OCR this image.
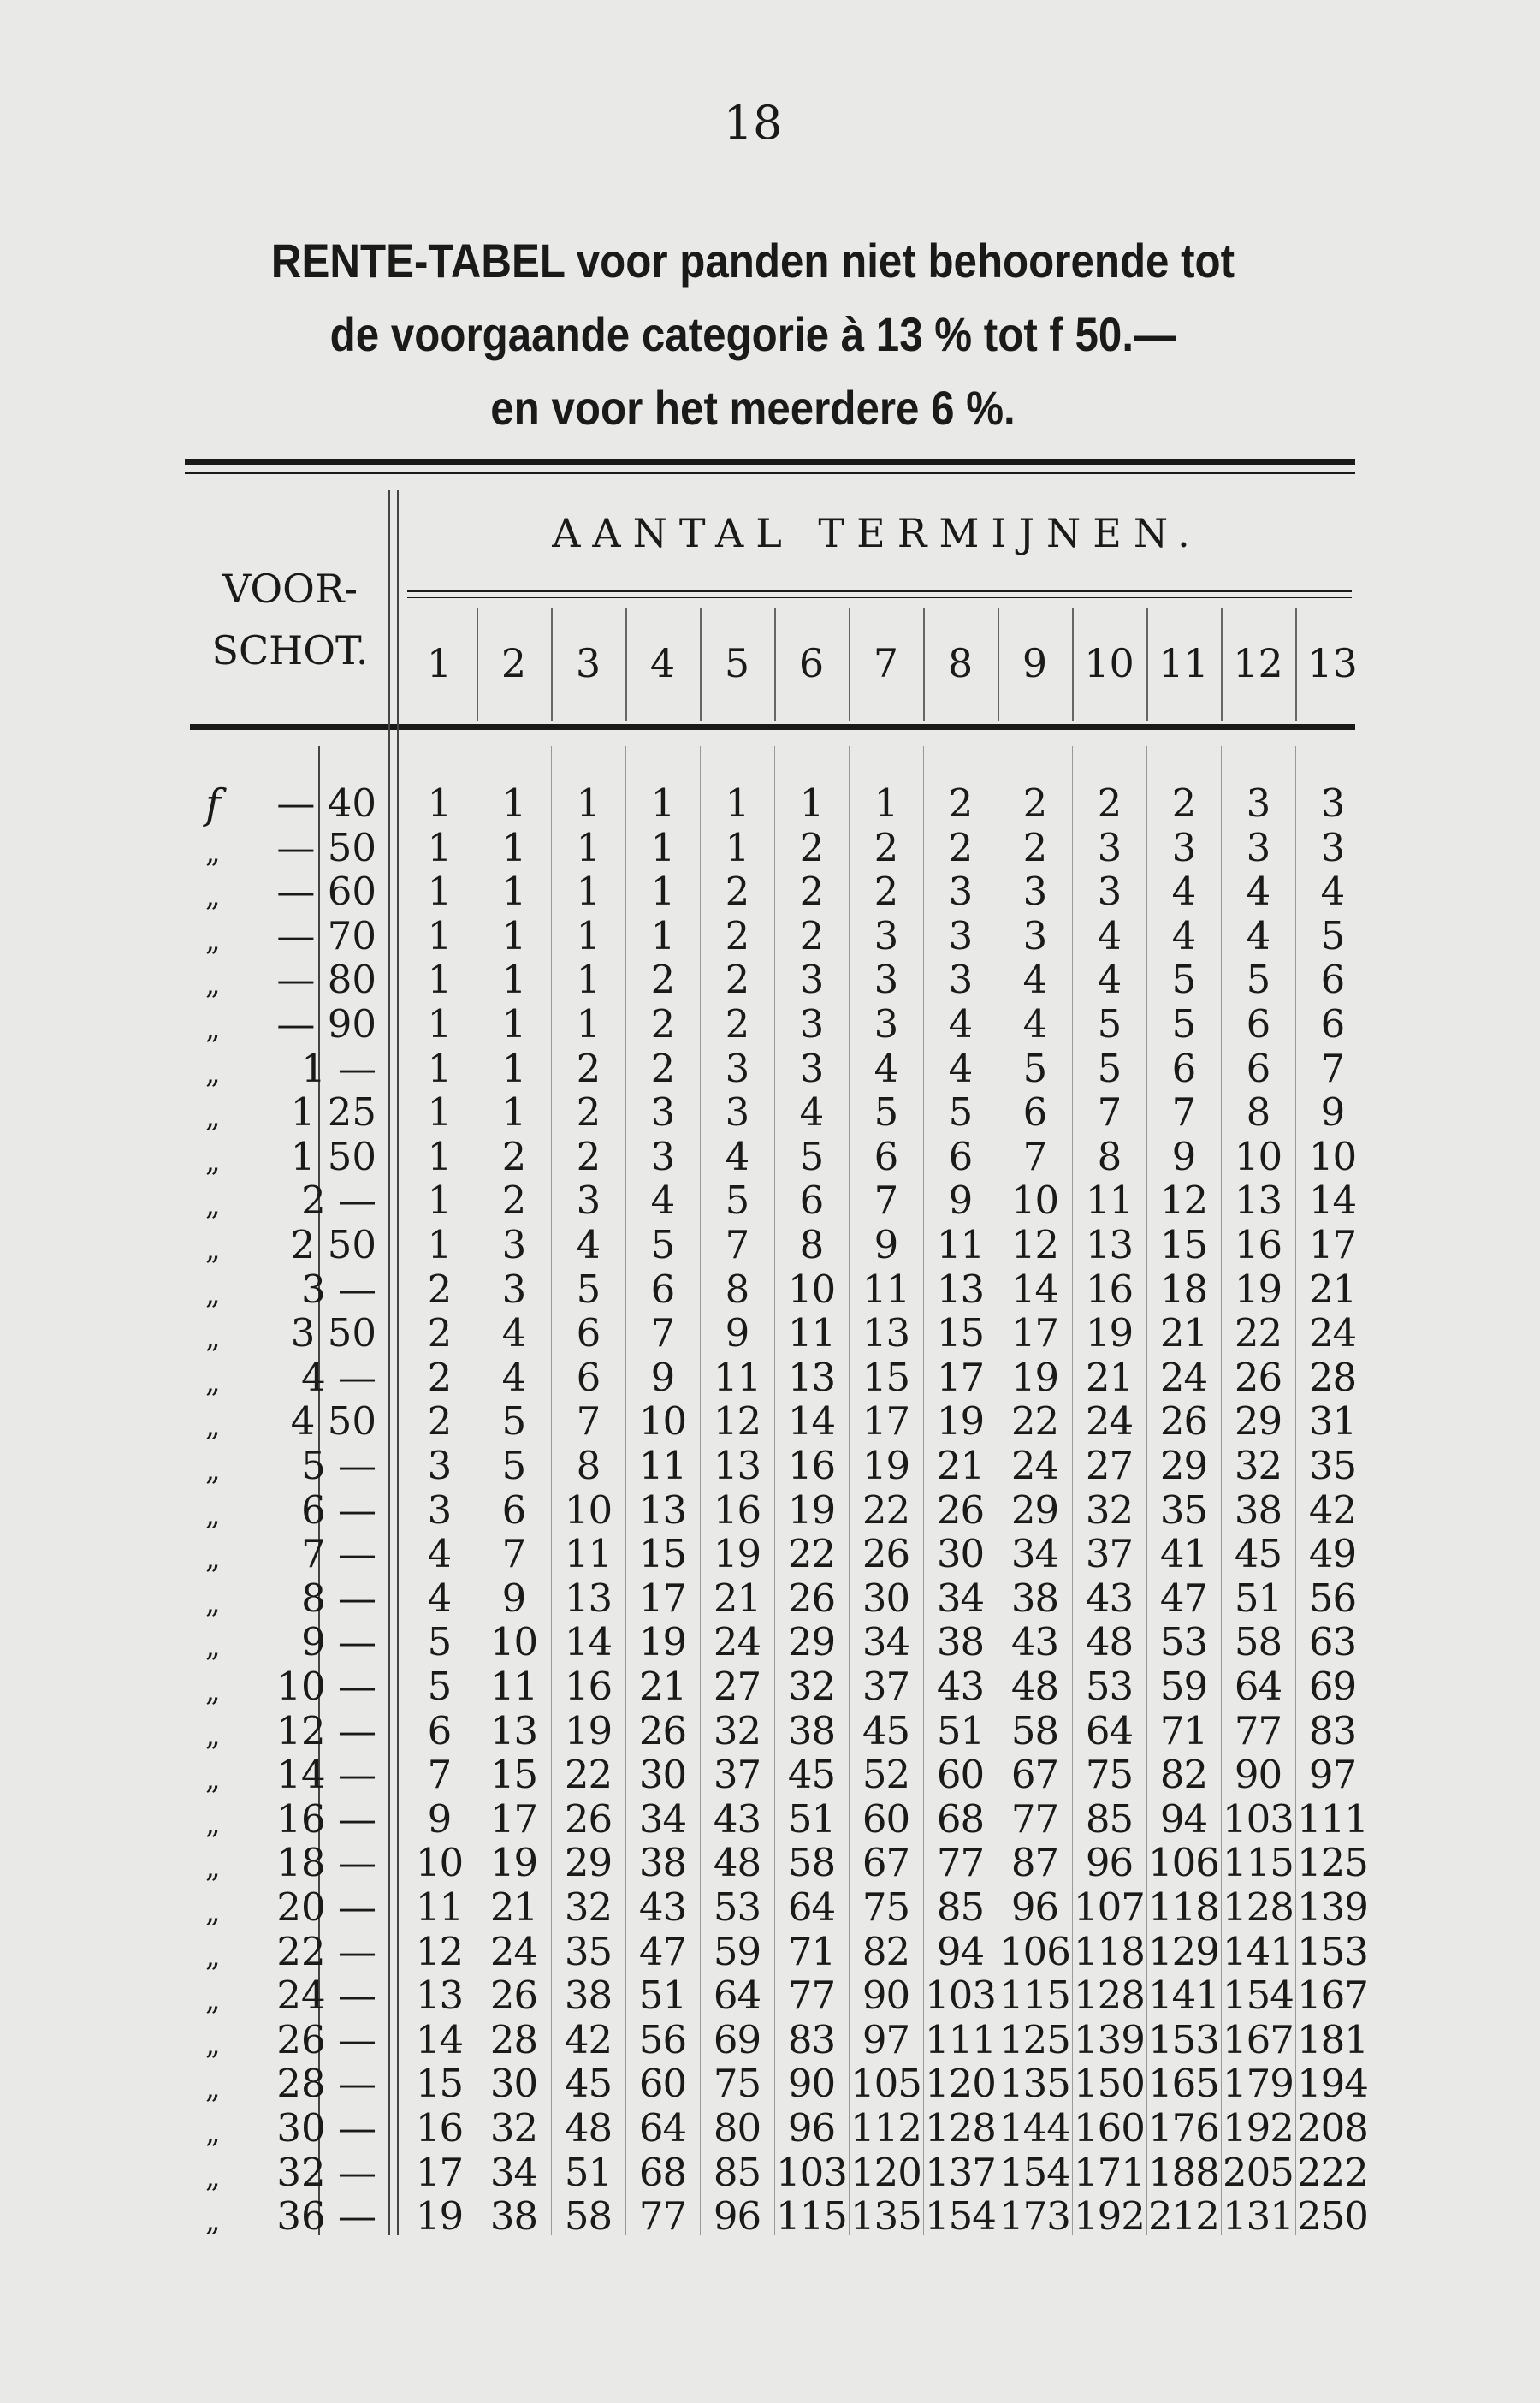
18
RENTE-TABEL voor panden niet behoorende tot
de voorgaande categorie à 13 % tot f 50.—
en voor het meerdere 6 %.
VOOR-
SCHOT.
AANTAL TERMIJNEN.
1	2	3	4	5	6	7	8	9 10 11 12 13
f	— 40	1	1	1	1	1	1	1	2	2	2	2	3	3
„	— 50	1	1	1	1	1	2	2	2	2	3	3	3	3
„	— 60	1	1	1	1	2	2	2	3	3	3	4	4	4
„	— 70	1	1	1	1	2	2	3	3	3	4	4	4	5
„	— 80	1	1	1	2	2	3	3	3	4	4	5	5	6
„	— 90	1	1	1	2	2	3	3	4	4	5	5	6	6
„	1 —	1	1	2	2	3	3	4	4	5	5	6	6	7
„	1 25	1	1	2	3	3	4	5	5	6	7	7	8	9
„	1 50	1	2	2	3	4	5	6	6	7	8	9	10 10
„	2 —	1	2	3	4	5	6	7	9	10 11 12 13 14
„	2 50	1	3	4	5	7	8	9	11 12 13 15 16 17
„	3 —	2	3	5	6	8	10 11 13 14 16 18 19 21
„	3 50	2	4	6	7	9	11 13 15 17 19 21 22 24
„	4 —	2	4	6	9	11 13 15 17 19 21 24 26 28
„	4 50	2	5	7	10 12 14 17 19 22 24 26 29 31
„	5 —	3	5	8	11 13 16 19 21 24 27 29 32 35
„	6 —	3	6	10 13 16 19 22 26 29 32 35 38 42
„	7 —	4	7	11 15 19 22 26 30 34 37 41 45 49
„	8 —	4	9	13 17 21 26 30 34 38 43 47 51 56
„	9 —	5	10 14 19 24 29 34 38 43 48 53 58 63
„	10 —	5	11 16 21 27 32 37 43 48 53 59 64 69
„	12 —	6	13 19 26 32 38 45 51 58 64 71 77 83
„	14 —	7	15 22 30 37 45 52 60 67 75 82 90 97
„	16 —	9	17 26 34 43 51 60 68 77 85 94 103 111
„	18 —	10 19 29 38 48 58 67 77 87 96 106 115 125
„	20 —	11 21 32 43 53 64 75 85 96 107 118 128 139
„	22 —	12 24 35 47 59 71 82 94 106 118 129 141 153
„	24 —	13 26 38 51 64 77 90 103 115 128 141 154 167
„	26 —	14 28 42 56 69 83 97 111 125 139 153 167 181
„	28 —	15 30 45 60 75 90 105 120 135 150 165 179 194
„	30 —	16 32 48 64 80 96 112 128 144 160 176 192 208
„	32 —	17 34 51 68 85 103 120 137 154 171 188 205 222
„	36 —	19 38 58 77 96 115 135 154 173 192 212 131 250
